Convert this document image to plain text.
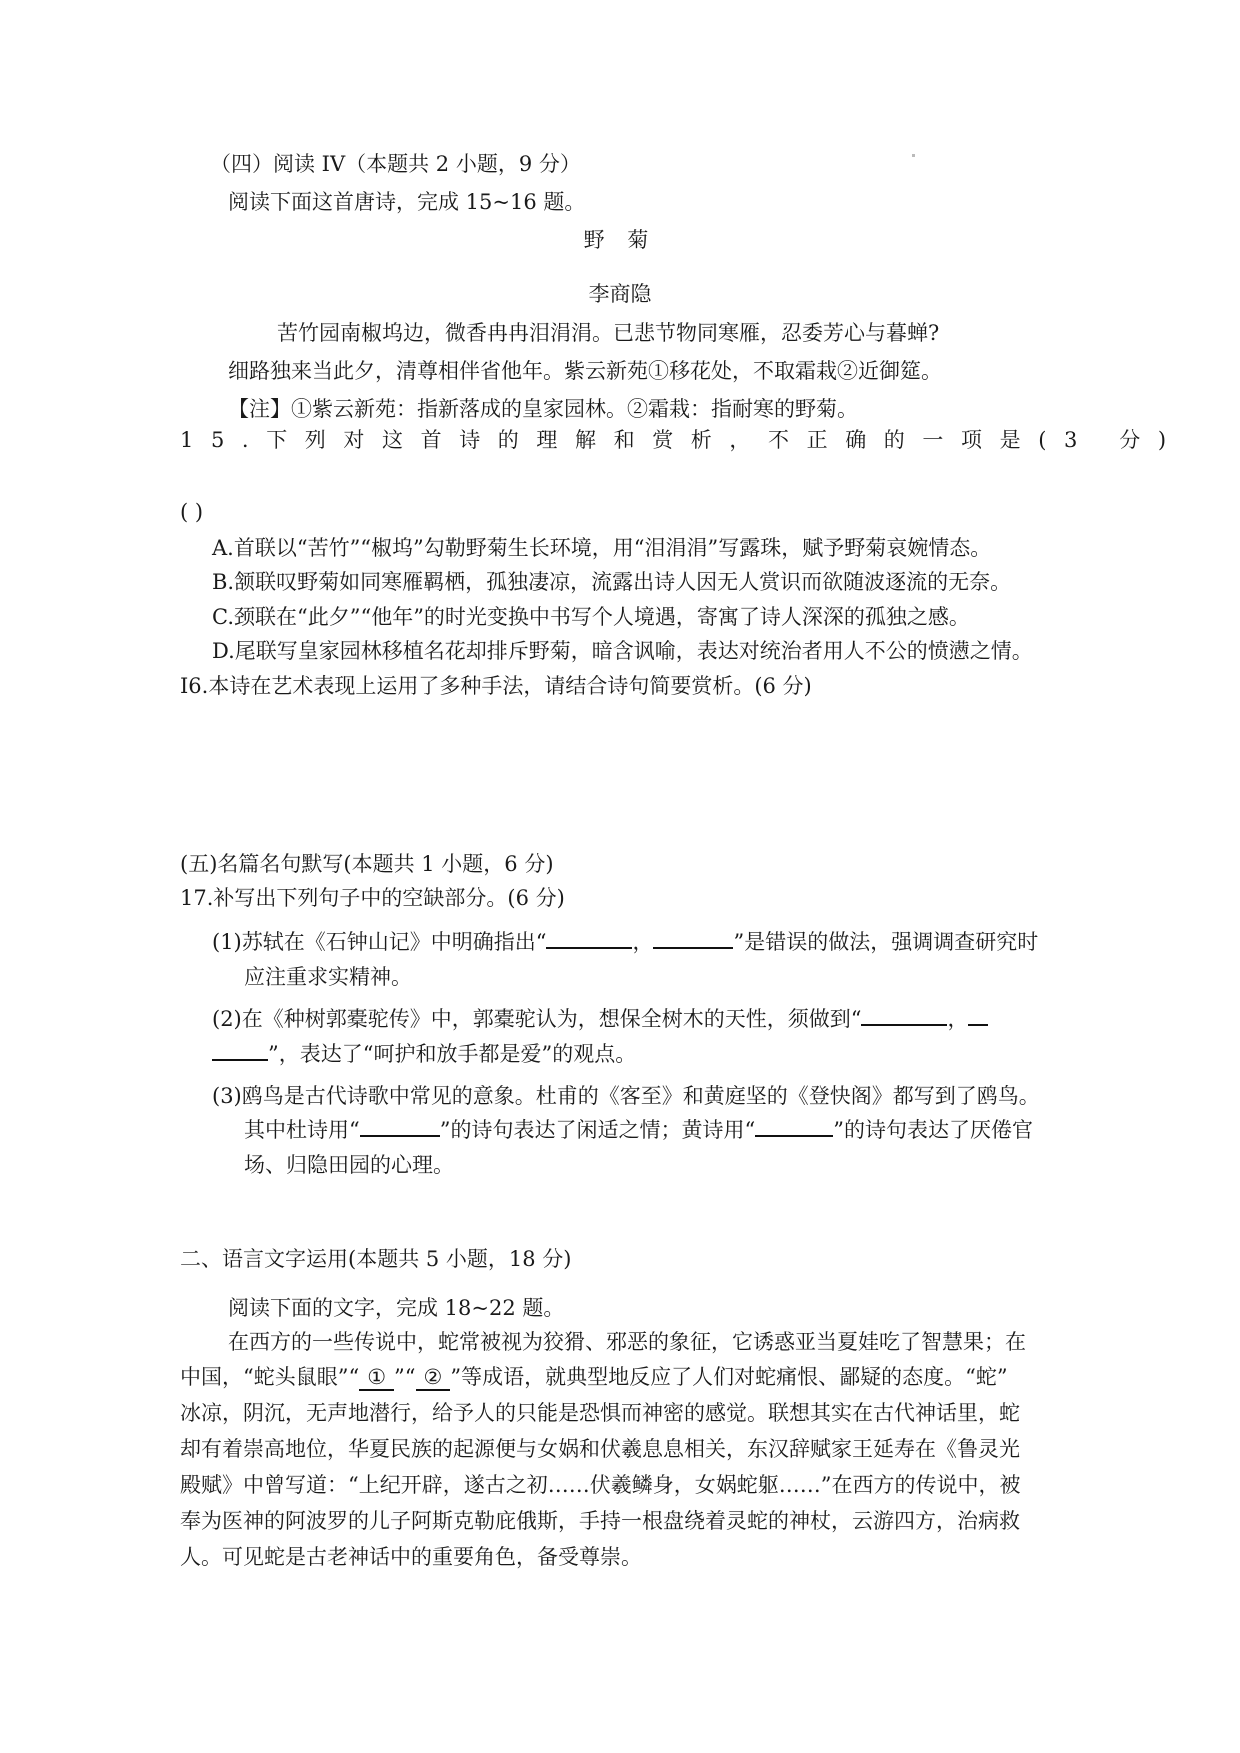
（四）阅读 IV（本题共 2 小题，9 分）
阅读下面这首唐诗，完成 15~16 题。
野 菊
李商隐
苦竹园南椒坞边，微香冉冉泪涓涓。已悲节物同寒雁，忍委芳心与暮蝉?
细路独来当此夕，清尊相伴省他年。紫云新苑①移花处，不取霜栽②近御筵。
【注】①紫云新苑：指新落成的皇家园林。②霜栽：指耐寒的野菊。
15.下列对这首诗的理解和赏析，不正确的一项是(3 分)
( )
A.首联以“苦竹”“椒坞”勾勒野菊生长环境，用“泪涓涓”写露珠，赋予野菊哀婉情态。
B.颔联叹野菊如同寒雁羁栖，孤独凄凉，流露出诗人因无人赏识而欲随波逐流的无奈。
C.颈联在“此夕”“他年”的时光变换中书写个人境遇，寄寓了诗人深深的孤独之感。
D.尾联写皇家园林移植名花却排斥野菊，暗含讽喻，表达对统治者用人不公的愤懑之情。
I6.本诗在艺术表现上运用了多种手法，请结合诗句简要赏析。(6 分)
(五)名篇名句默写(本题共 1 小题，6 分)
17.补写出下列句子中的空缺部分。(6 分)
(1)苏轼在《石钟山记》中明确指出“	，	”是错误的做法，强调调查研究时
应注重求实精神。
(2)在《种树郭橐驼传》中，郭橐驼认为，想保全树木的天性，须做到“	，
”，表达了“呵护和放手都是爱”的观点。
(3)鸥鸟是古代诗歌中常见的意象。杜甫的《客至》和黄庭坚的《登快阁》都写到了鸥鸟。
其中杜诗用“	”的诗句表达了闲适之情；黄诗用“	”的诗句表达了厌倦官
场、归隐田园的心理。
二、语言文字运用(本题共 5 小题，18 分)
阅读下面的文字，完成 18~22 题。
在西方的一些传说中，蛇常被视为狡猾、邪恶的象征，它诱惑亚当夏娃吃了智慧果；在
中国，“蛇头鼠眼”“ ① ”“ ② ”等成语，就典型地反应了人们对蛇痛恨、鄙疑的态度。“蛇”
冰凉，阴沉，无声地潜行，给予人的只能是恐惧而神密的感觉。联想其实在古代神话里，蛇
却有着崇高地位，华夏民族的起源便与女娲和伏羲息息相关，东汉辞赋家王延寿在《鲁灵光
殿赋》中曾写道：“上纪开辟，遂古之初……伏羲鳞身，女娲蛇躯……”在西方的传说中，被
奉为医神的阿波罗的儿子阿斯克勒庇俄斯，手持一根盘绕着灵蛇的神杖，云游四方，治病救
人。可见蛇是古老神话中的重要角色，备受尊崇。
